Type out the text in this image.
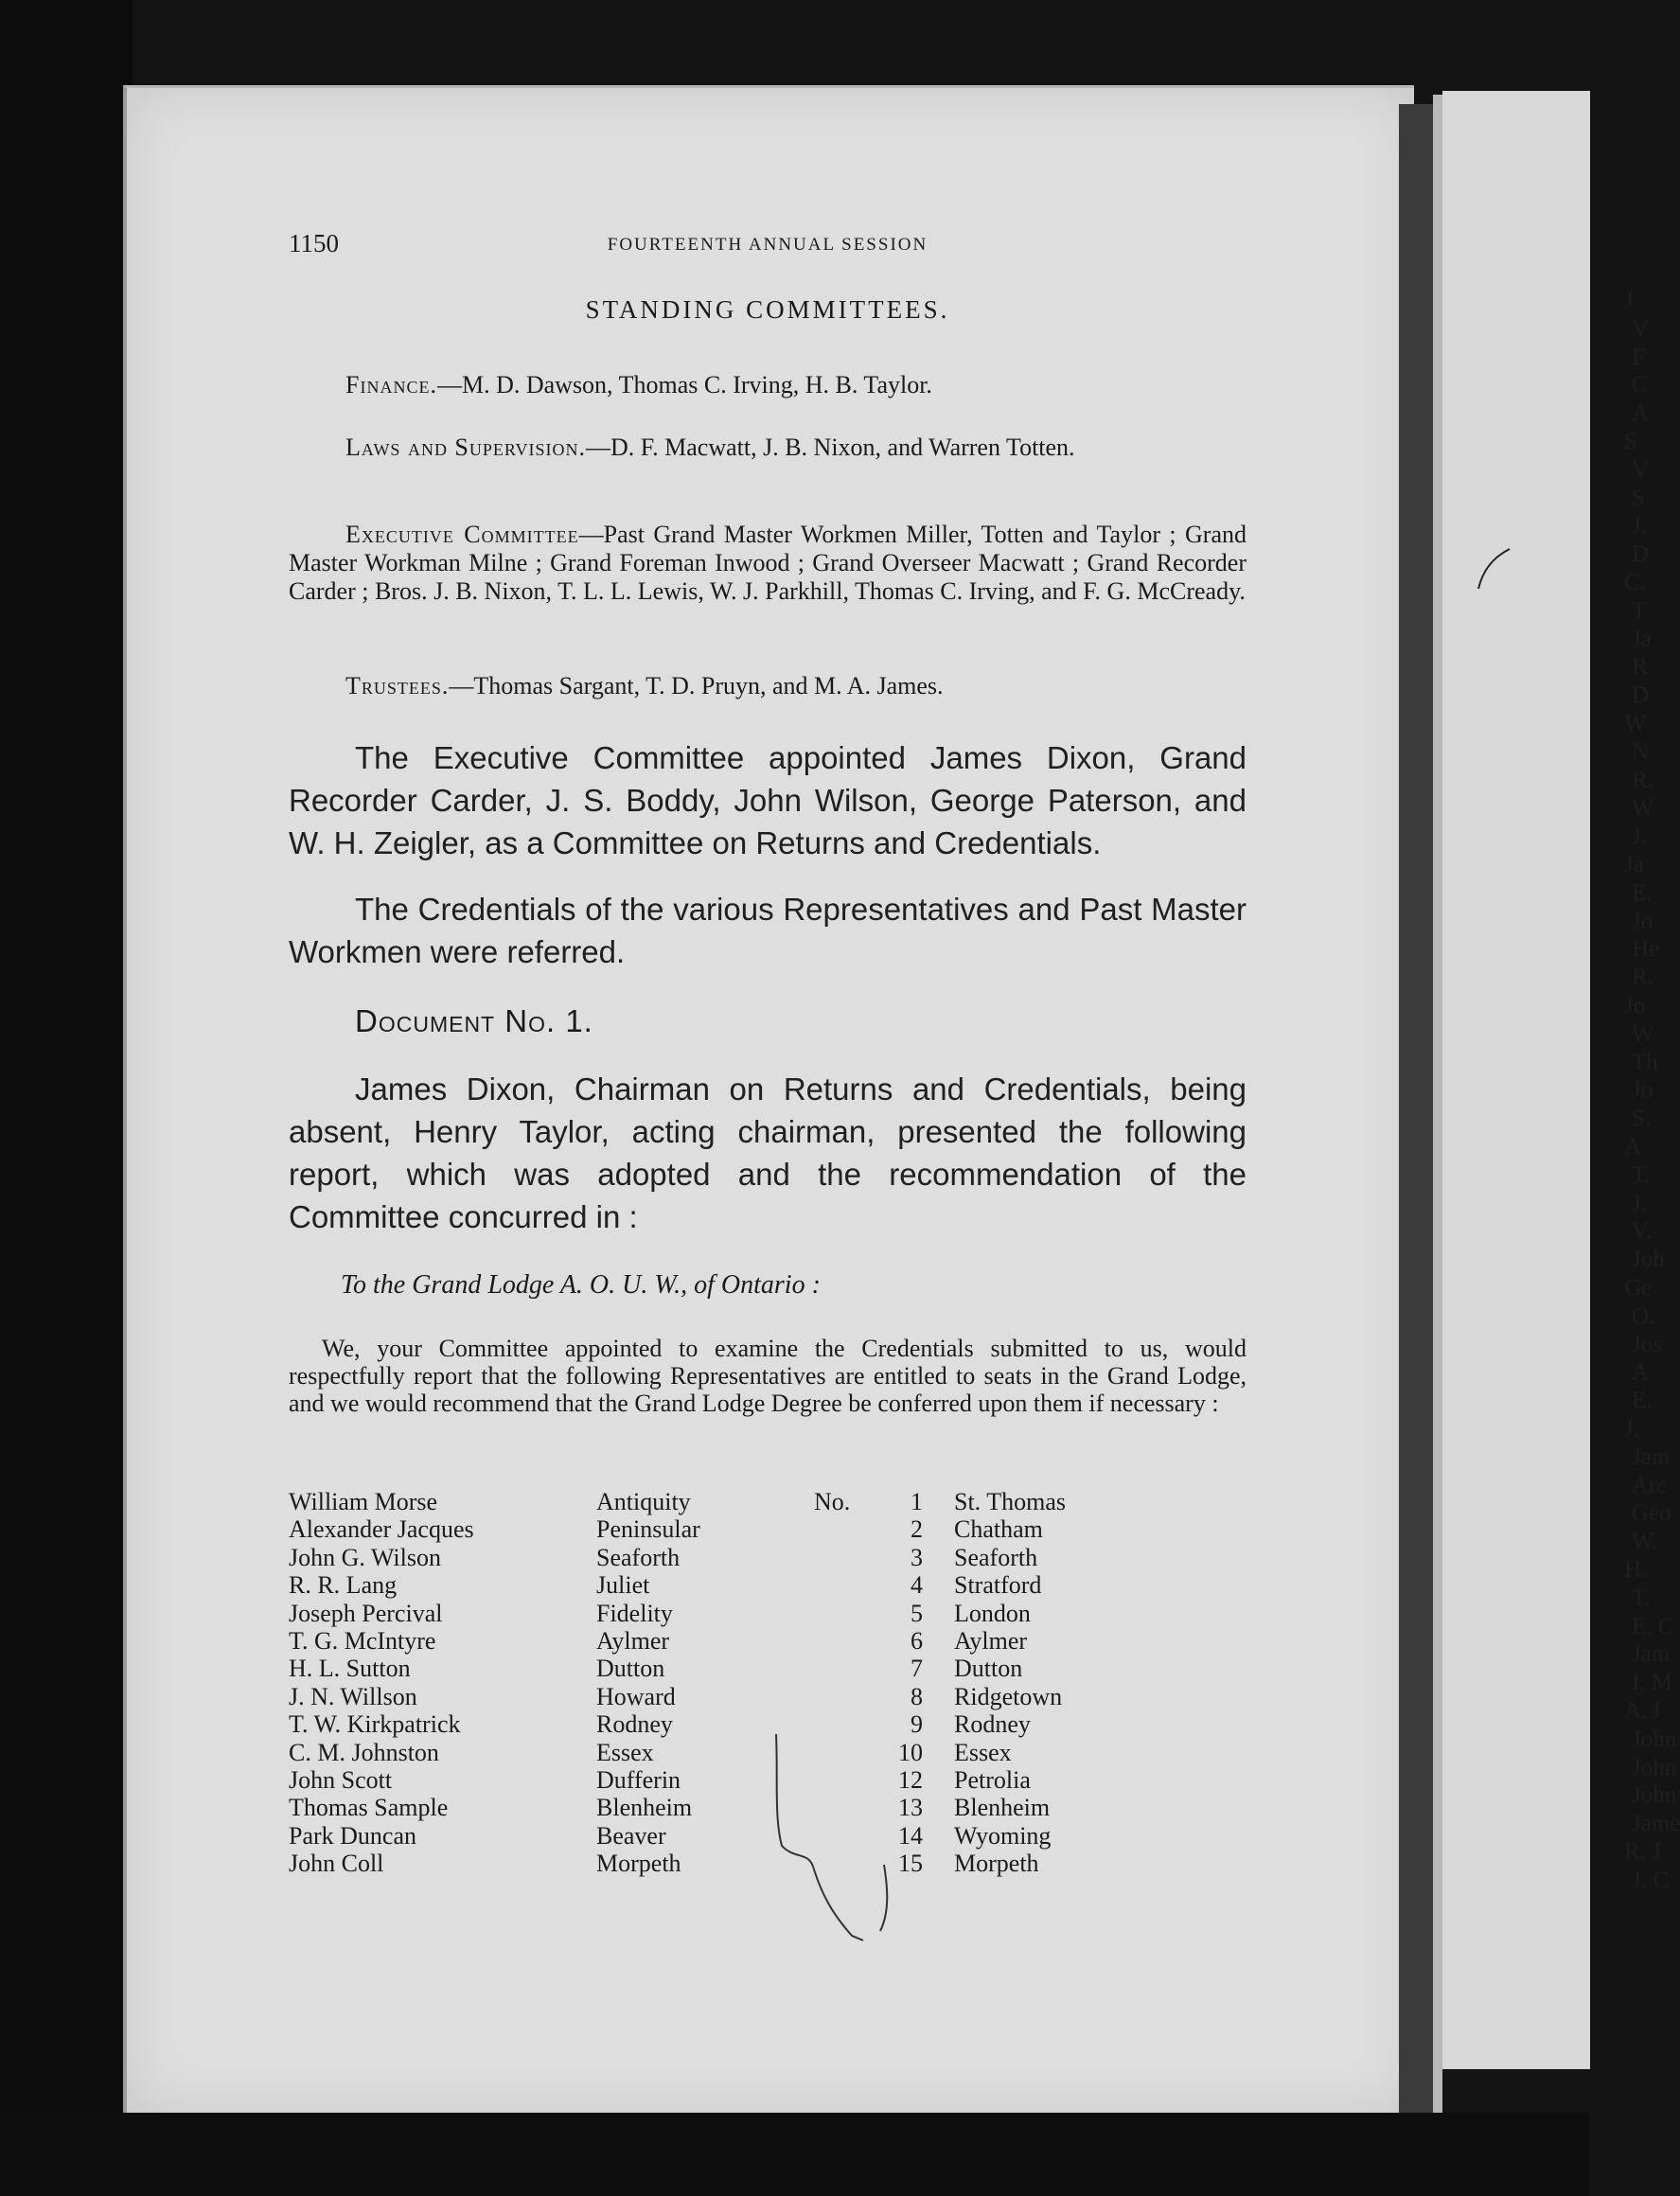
J
V
F
C
A
S
V
S
J.
D
C.
T
Ja
R
D
W
N
R.
W
J.
Ja
E.
Jo
He
R.
Jo
W
Th
Jo
S.
A
T.
J.
V.
Joh
Ge
O.
Jos
A
E.
J.
Jam
Arc
Geo
W.
H.
T.
E. C
Jam
I. M
A. I
John
John
John
Jame
R. J
J. C
1150	FOURTEENTH ANNUAL SESSION
STANDING COMMITTEES.
Finance.—M. D. Dawson, Thomas C. Irving, H. B. Taylor.
Laws and Supervision.—D. F. Macwatt, J. B. Nixon, and Warren Totten.
Executive Committee—Past Grand Master Workmen Miller, Totten and Taylor ; Grand Master Workman Milne ; Grand Foreman Inwood ; Grand Overseer Macwatt ; Grand Recorder Carder ; Bros. J. B. Nixon, T. L. L. Lewis, W. J. Parkhill, Thomas C. Irving, and F. G. McCready.
Trustees.—Thomas Sargant, T. D. Pruyn, and M. A. James.
The Executive Committee appointed James Dixon, Grand Recorder Carder, J. S. Boddy, John Wilson, George Paterson, and W. H. Zeigler, as a Committee on Returns and Credentials.
The Credentials of the various Representatives and Past Master Workmen were referred.
Document No. 1.
James Dixon, Chairman on Returns and Credentials, being absent, Henry Taylor, acting chairman, presented the following report, which was adopted and the recommendation of the Committee concurred in :
To the Grand Lodge A. O. U. W., of Ontario :
We, your Committee appointed to examine the Credentials submitted to us, would respectfully report that the following Representatives are entitled to seats in the Grand Lodge, and we would recommend that the Grand Lodge Degree be conferred upon them if necessary :
William Morse	Antiquity	No.	1 St. Thomas
Alexander Jacques	Peninsular	2 Chatham
John G. Wilson	Seaforth	3 Seaforth
R. R. Lang	Juliet	4 Stratford
Joseph Percival	Fidelity	5 London
T. G. McIntyre	Aylmer	6 Aylmer
H. L. Sutton	Dutton	7 Dutton
J. N. Willson	Howard	8 Ridgetown
T. W. Kirkpatrick	Rodney	9 Rodney
C. M. Johnston	Essex	10 Essex
John Scott	Dufferin	12 Petrolia
Thomas Sample	Blenheim	13 Blenheim
Park Duncan	Beaver	14 Wyoming
John Coll	Morpeth	15 Morpeth
